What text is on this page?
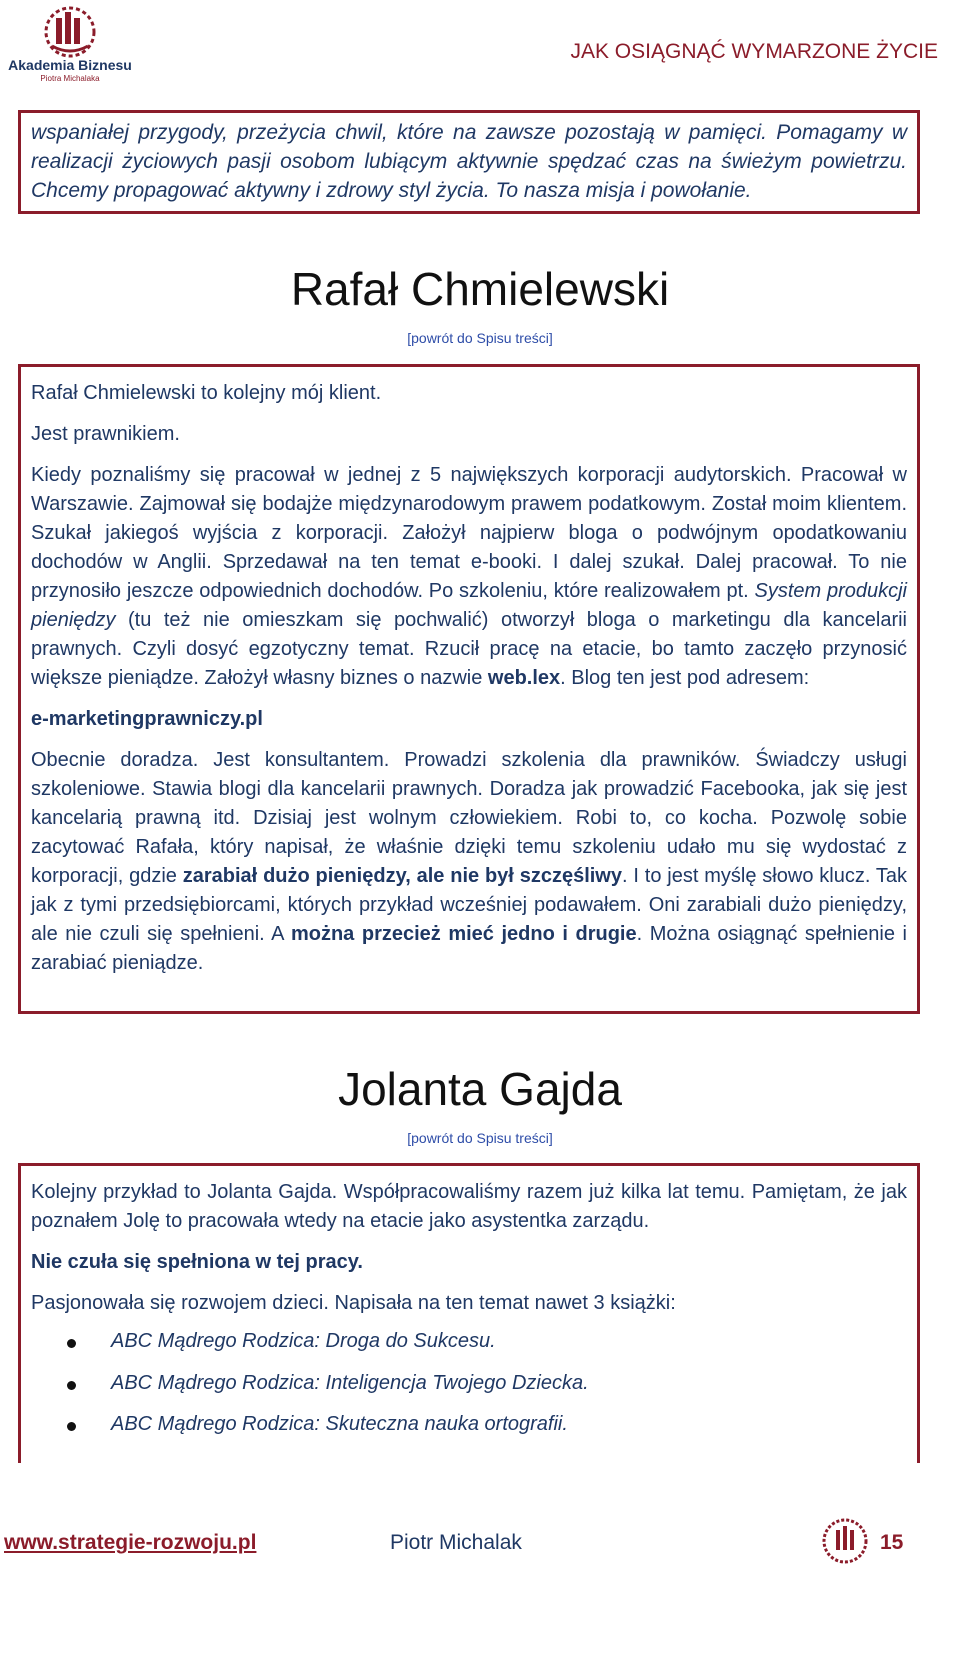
Akademia Biznesu
Piotra Michalaka
JAK OSIĄGNĄĆ WYMARZONE ŻYCIE

wspaniałej przygody, przeżycia chwil, które na zawsze pozostają w pamięci. Pomagamy w realizacji życiowych pasji osobom lubiącym aktywnie spędzać czas na świeżym powietrzu. Chcemy propagować aktywny i zdrowy styl życia. To nasza misja i powołanie.

Rafał Chmielewski
[powrót do Spisu treści]

Rafał Chmielewski to kolejny mój klient.

Jest prawnikiem.

Kiedy poznaliśmy się pracował w jednej z 5 największych korporacji audytorskich. Pracował w Warszawie. Zajmował się bodajże międzynarodowym prawem podatkowym. Został moim klientem. Szukał jakiegoś wyjścia z korporacji. Założył najpierw bloga o podwójnym opodatkowaniu dochodów w Anglii. Sprzedawał na ten temat e-booki. I dalej szukał. Dalej pracował. To nie przynosiło jeszcze odpowiednich dochodów. Po szkoleniu, które realizowałem pt. System produkcji pieniędzy (tu też nie omieszkam się pochwalić) otworzył bloga o marketingu dla kancelarii prawnych. Czyli dosyć egzotyczny temat. Rzucił pracę na etacie, bo tamto zaczęło przynosić większe pieniądze. Założył własny biznes o nazwie web.lex. Blog ten jest pod adresem:

e-marketingprawniczy.pl

Obecnie doradza. Jest konsultantem. Prowadzi szkolenia dla prawników. Świadczy usługi szkoleniowe. Stawia blogi dla kancelarii prawnych. Doradza jak prowadzić Facebooka, jak się jest kancelarią prawną itd. Dzisiaj jest wolnym człowiekiem. Robi to, co kocha. Pozwolę sobie zacytować Rafała, który napisał, że właśnie dzięki temu szkoleniu udało mu się wydostać z korporacji, gdzie zarabiał dużo pieniędzy, ale nie był szczęśliwy. I to jest myślę słowo klucz. Tak jak z tymi przedsiębiorcami, których przykład wcześniej podawałem. Oni zarabiali dużo pieniędzy, ale nie czuli się spełnieni. A można przecież mieć jedno i drugie. Można osiągnąć spełnienie i zarabiać pieniądze.

Jolanta Gajda
[powrót do Spisu treści]

Kolejny przykład to Jolanta Gajda. Współpracowaliśmy razem już kilka lat temu. Pamiętam, że jak poznałem Jolę to pracowała wtedy na etacie jako asystentka zarządu.

Nie czuła się spełniona w tej pracy.

Pasjonowała się rozwojem dzieci. Napisała na ten temat nawet 3 książki:

ABC Mądrego Rodzica: Droga do Sukcesu.
ABC Mądrego Rodzica: Inteligencja Twojego Dziecka.
ABC Mądrego Rodzica: Skuteczna nauka ortografii.
www.strategie-rozwoju.pl	Piotr Michalak	15
